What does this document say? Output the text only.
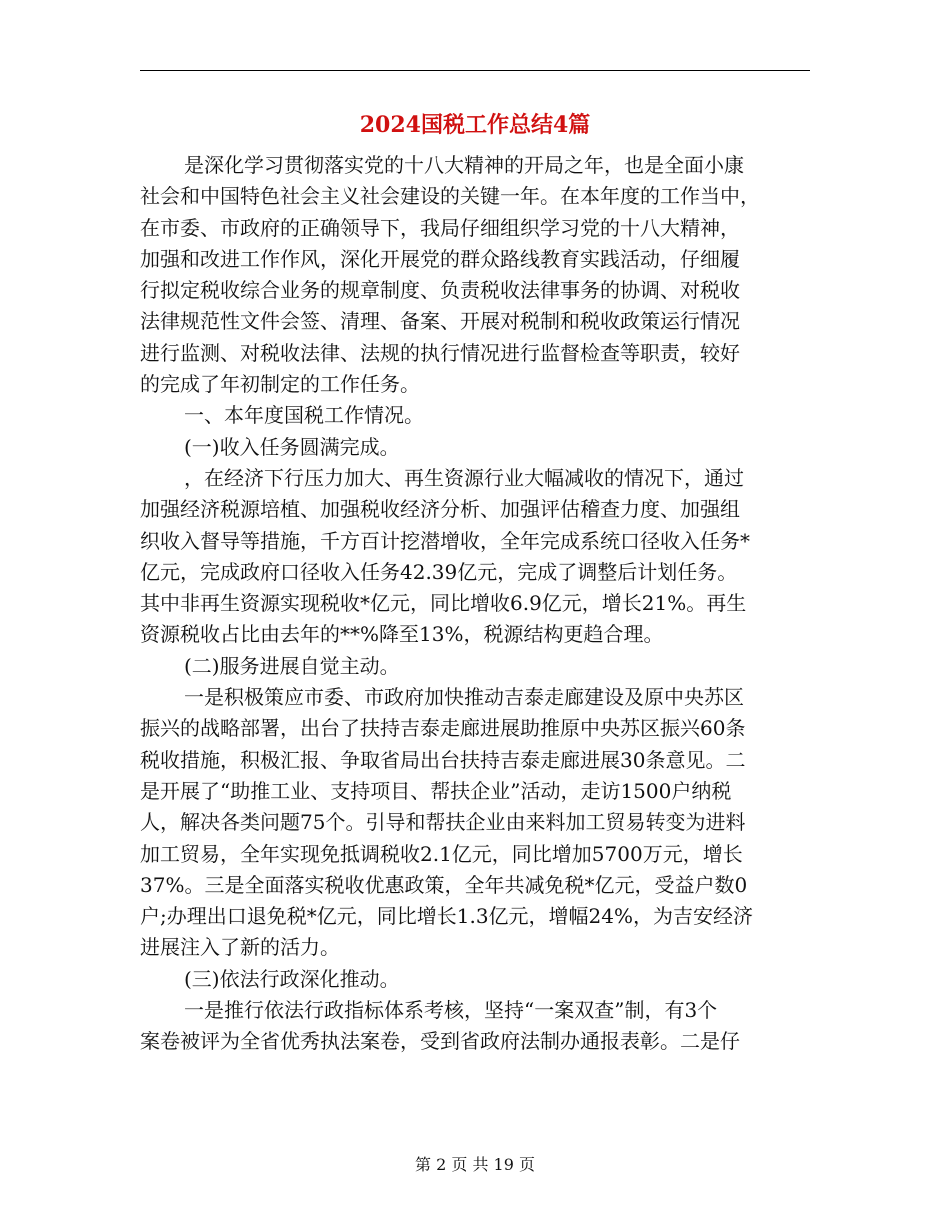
2024国税工作总结4篇
是深化学习贯彻落实党的十八大精神的开局之年，也是全面小康
社会和中国特色社会主义社会建设的关键一年。在本年度的工作当中，
在市委、市政府的正确领导下，我局仔细组织学习党的十八大精神，
加强和改进工作作风，深化开展党的群众路线教育实践活动，仔细履
行拟定税收综合业务的规章制度、负责税收法律事务的协调、对税收
法律规范性文件会签、清理、备案、开展对税制和税收政策运行情况
进行监测、对税收法律、法规的执行情况进行监督检查等职责，较好
的完成了年初制定的工作任务。
一、本年度国税工作情况。
(一)收入任务圆满完成。
，在经济下行压力加大、再生资源行业大幅减收的情况下，通过
加强经济税源培植、加强税收经济分析、加强评估稽查力度、加强组
织收入督导等措施，千方百计挖潜增收，全年完成系统口径收入任务*
亿元，完成政府口径收入任务42.39亿元，完成了调整后计划任务。
其中非再生资源实现税收*亿元，同比增收6.9亿元，增长21%。再生
资源税收占比由去年的**%降至13%，税源结构更趋合理。
(二)服务进展自觉主动。
一是积极策应市委、市政府加快推动吉泰走廊建设及原中央苏区
振兴的战略部署，出台了扶持吉泰走廊进展助推原中央苏区振兴60条
税收措施，积极汇报、争取省局出台扶持吉泰走廊进展30条意见。二
是开展了“助推工业、支持项目、帮扶企业”活动，走访1500户纳税
人，解决各类问题75个。引导和帮扶企业由来料加工贸易转变为进料
加工贸易，全年实现免抵调税收2.1亿元，同比增加5700万元，增长
37%。三是全面落实税收优惠政策，全年共减免税*亿元，受益户数0
户;办理出口退免税*亿元，同比增长1.3亿元，增幅24%，为吉安经济
进展注入了新的活力。
(三)依法行政深化推动。
一是推行依法行政指标体系考核，坚持“一案双查”制，有3个
案卷被评为全省优秀执法案卷，受到省政府法制办通报表彰。二是仔
第 2 页 共 19 页
